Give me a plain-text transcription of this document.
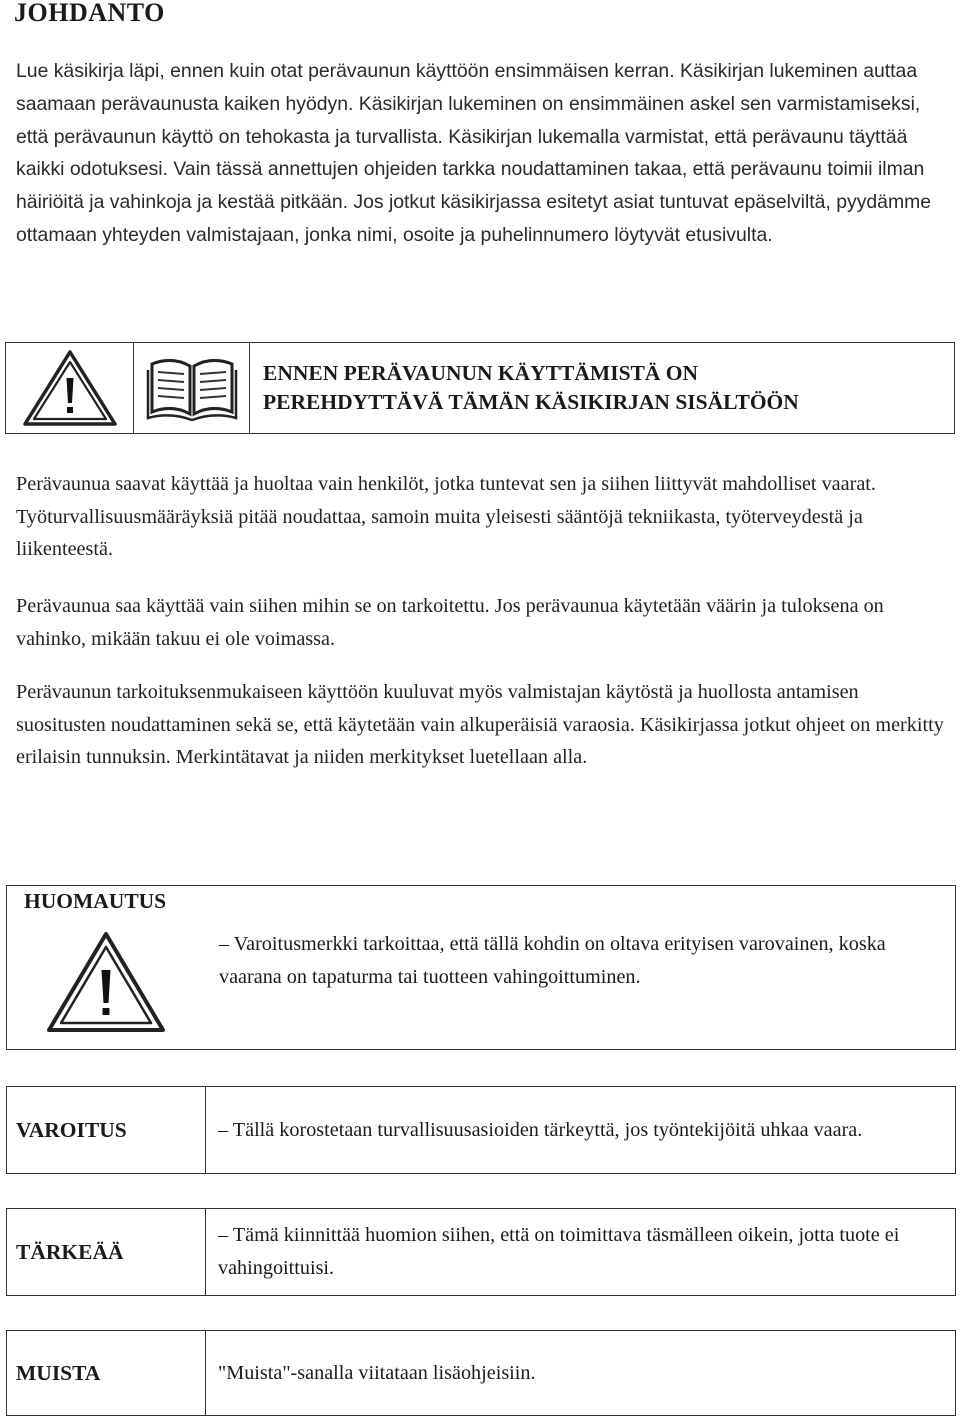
JOHDANTO

Lue käsikirja läpi, ennen kuin otat perävaunun käyttöön ensimmäisen kerran. Käsikirjan lukeminen auttaa saamaan perävaunusta kaiken hyödyn. Käsikirjan lukeminen on ensimmäinen askel sen varmistamiseksi, että perävaunun käyttö on tehokasta ja turvallista. Käsikirjan lukemalla varmistat, että perävaunu täyttää kaikki odotuksesi. Vain tässä annettujen ohjeiden tarkka noudattaminen takaa, että perävaunu toimii ilman häiriöitä ja vahinkoja ja kestää pitkään. Jos jotkut käsikirjassa esitetyt asiat tuntuvat epäselviltä, pyydämme ottamaan yhteyden valmistajaan, jonka nimi, osoite ja puhelinnumero löytyvät etusivulta.

ENNEN PERÄVAUNUN KÄYTTÄMISTÄ ON
PEREHDYTTÄVÄ TÄMÄN KÄSIKIRJAN SISÄLTÖÖN

Perävaunua saavat käyttää ja huoltaa vain henkilöt, jotka tuntevat sen ja siihen liittyvät mahdolliset vaarat. Työturvallisuusmääräyksiä pitää noudattaa, samoin muita yleisesti sääntöjä tekniikasta, työterveydestä ja liikenteestä.

Perävaunua saa käyttää vain siihen mihin se on tarkoitettu. Jos perävaunua käytetään väärin ja tuloksena on vahinko, mikään takuu ei ole voimassa.

Perävaunun tarkoituksenmukaiseen käyttöön kuuluvat myös valmistajan käytöstä ja huollosta antamisen suositusten noudattaminen sekä se, että käytetään vain alkuperäisiä varaosia. Käsikirjassa jotkut ohjeet on merkitty erilaisin tunnuksin. Merkintätavat ja niiden merkitykset luetellaan alla.

HUOMAUTUS
– Varoitusmerkki tarkoittaa, että tällä kohdin on oltava erityisen varovainen, koska vaarana on tapaturma tai tuotteen vahingoittuminen.
VAROITUS	– Tällä korostetaan turvallisuusasioiden tärkeyttä, jos työntekijöitä uhkaa vaara.
TÄRKEÄÄ
– Tämä kiinnittää huomion siihen, että on toimittava täsmälleen oikein, jotta tuote ei vahingoittuisi.
MUISTA	"Muista"-sanalla viitataan lisäohjeisiin.
